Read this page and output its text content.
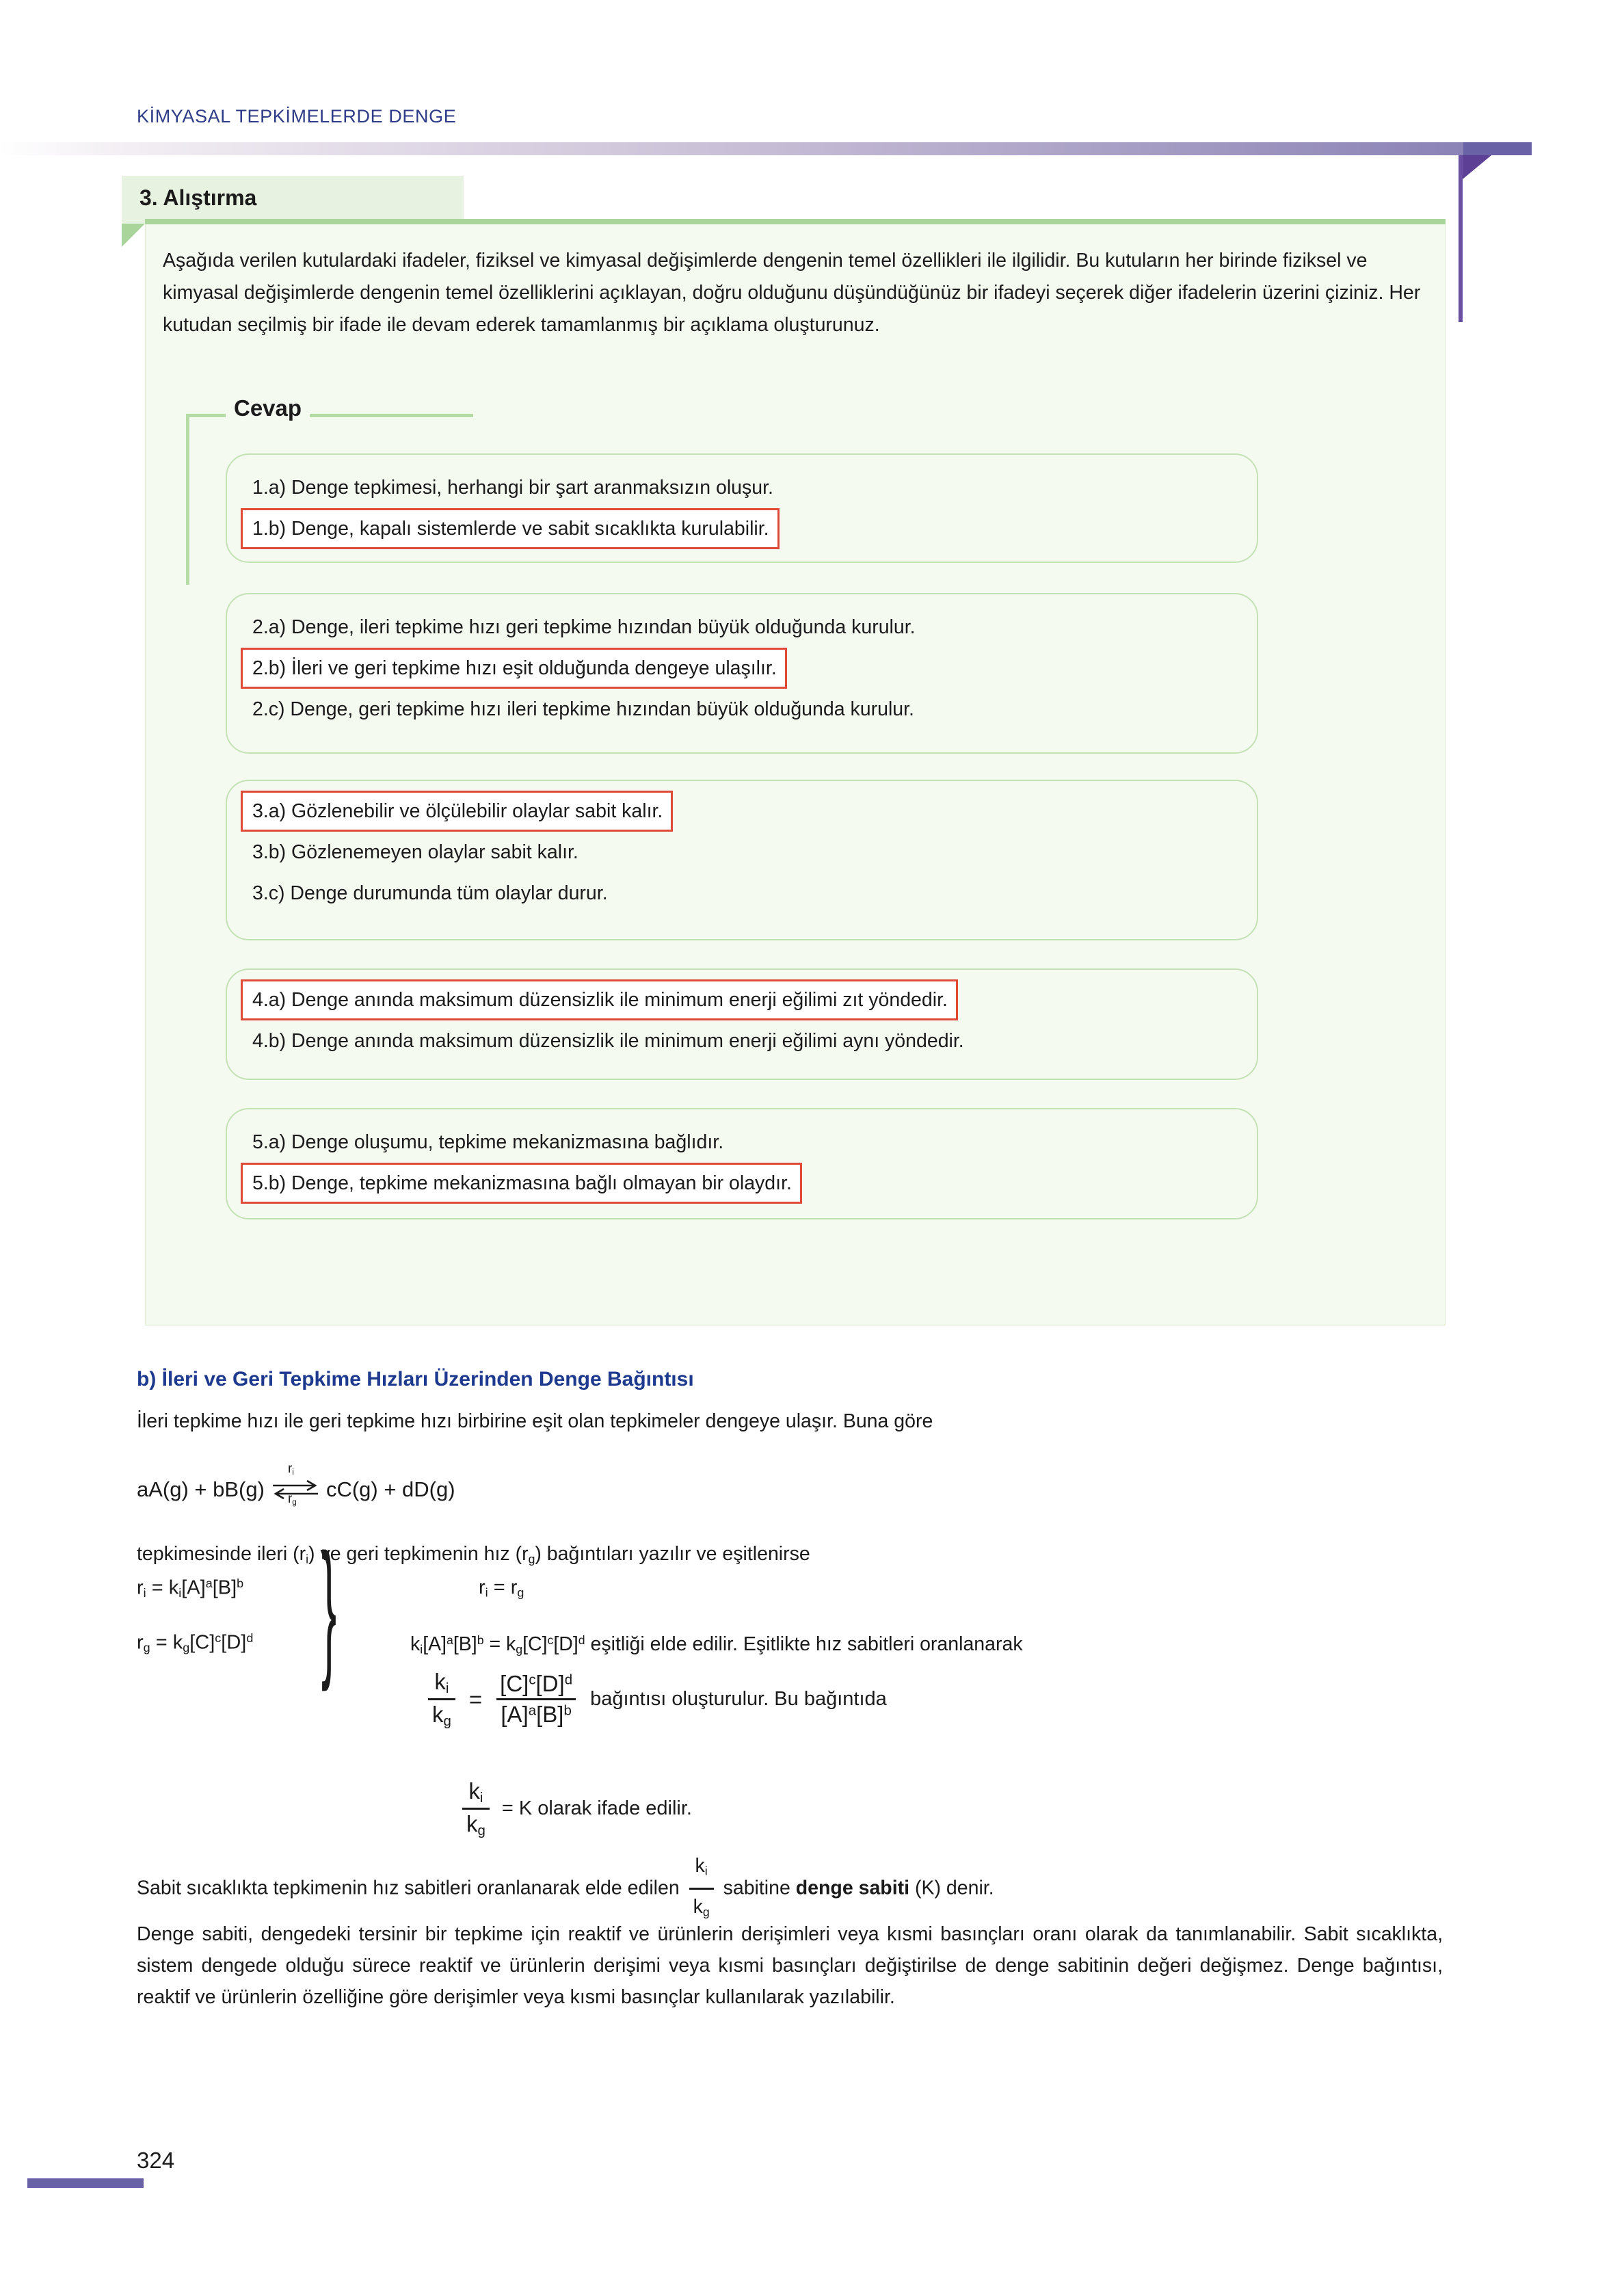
KİMYASAL TEPKİMELERDE DENGE
3. Alıştırma
Aşağıda verilen kutulardaki ifadeler, fiziksel ve kimyasal değişimlerde dengenin temel özellikleri ile ilgilidir. Bu kutuların her birinde fiziksel ve kimyasal değişimlerde dengenin temel özelliklerini açıklayan, doğru olduğunu düşündüğünüz bir ifadeyi seçerek diğer ifadelerin üzerini çiziniz. Her kutudan seçilmiş bir ifade ile devam ederek tamamlanmış bir açıklama oluşturunuz.
Cevap
1.a) Denge tepkimesi, herhangi bir şart aranmaksızın oluşur.
1.b) Denge, kapalı sistemlerde ve sabit sıcaklıkta kurulabilir.
2.a) Denge, ileri tepkime hızı geri tepkime hızından büyük olduğunda kurulur.
2.b) İleri ve geri tepkime hızı eşit olduğunda dengeye ulaşılır.
2.c) Denge, geri tepkime hızı ileri tepkime hızından büyük olduğunda kurulur.
3.a) Gözlenebilir ve ölçülebilir olaylar sabit kalır.
3.b) Gözlenemeyen olaylar sabit kalır.
3.c) Denge durumunda tüm olaylar durur.
4.a) Denge anında maksimum düzensizlik ile minimum enerji eğilimi zıt yöndedir.
4.b) Denge anında maksimum düzensizlik ile minimum enerji eğilimi aynı yöndedir.
5.a) Denge oluşumu, tepkime mekanizmasına bağlıdır.
5.b) Denge, tepkime mekanizmasına bağlı olmayan bir olaydır.
b) İleri ve Geri Tepkime Hızları Üzerinden Denge Bağıntısı
İleri tepkime hızı ile geri tepkime hızı birbirine eşit olan tepkimeler dengeye ulaşır. Buna göre
aA(g) + bB(g)
$r_i$
$r_g$
cC(g) + dD(g)
tepkimesinde ileri $(r_i)$ ve geri tepkimenin hız $(r_g)$ bağıntıları yazılır ve eşitlenirse
$r_i = k_i[A]^a[B]^b$
$r_g = k_g[C]^c[D]^d$ }	$r_i = r_g$
$k_i[A]^a[B]^b = k_g[C]^c[D]^d$ eşitliği elde edilir. Eşitlikte hız sabitleri oranlanarak
$\frac{k_i}{k_g} = \frac{[C]^c[D]^d}{[A]^a[B]^b}$ bağıntısı oluşturulur. Bu bağıntıda
$\frac{k_i}{k_g} = K$ olarak ifade edilir.
Sabit sıcaklıkta tepkimenin hız sabitleri oranlanarak elde edilen $\frac{k_i}{k_g}$ sabitine denge sabiti (K) denir.
Denge sabiti, dengedeki tersinir bir tepkime için reaktif ve ürünlerin derişimleri veya kısmi basınçları oranı olarak da tanımlanabilir. Sabit sıcaklıkta, sistem dengede olduğu sürece reaktif ve ürünlerin derişimi veya kısmi basınçları değiştirilse de denge sabitinin değeri değişmez. Denge bağıntısı, reaktif ve ürünlerin özelliğine göre derişimler veya kısmi basınçlar kullanılarak yazılabilir.
324
